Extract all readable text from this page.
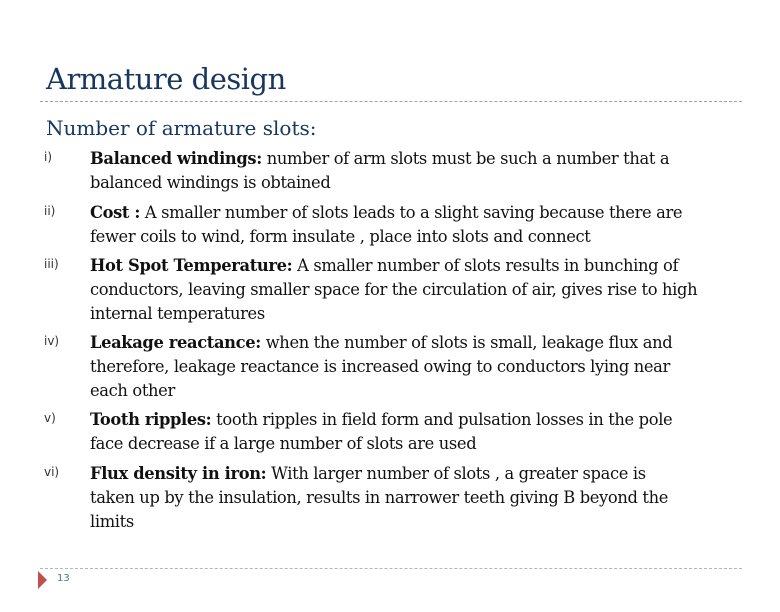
Armature design
Number of armature slots:
i) Balanced windings: number of arm slots must be such a number that a
balanced windings is obtained
ii) Cost : A smaller number of slots leads to a slight saving because there are
fewer coils to wind, form insulate , place into slots and connect
iii) Hot Spot Temperature: A smaller number of slots results in bunching of
conductors, leaving smaller space for the circulation of air, gives rise to high
internal temperatures
iv) Leakage reactance: when the number of slots is small, leakage flux and
therefore, leakage reactance is increased owing to conductors lying near
each other
v) Tooth ripples: tooth ripples in field form and pulsation losses in the pole
face decrease if a large number of slots are used
vi) Flux density in iron: With larger number of slots , a greater space is
taken up by the insulation, results in narrower teeth giving B beyond the
limits
13
